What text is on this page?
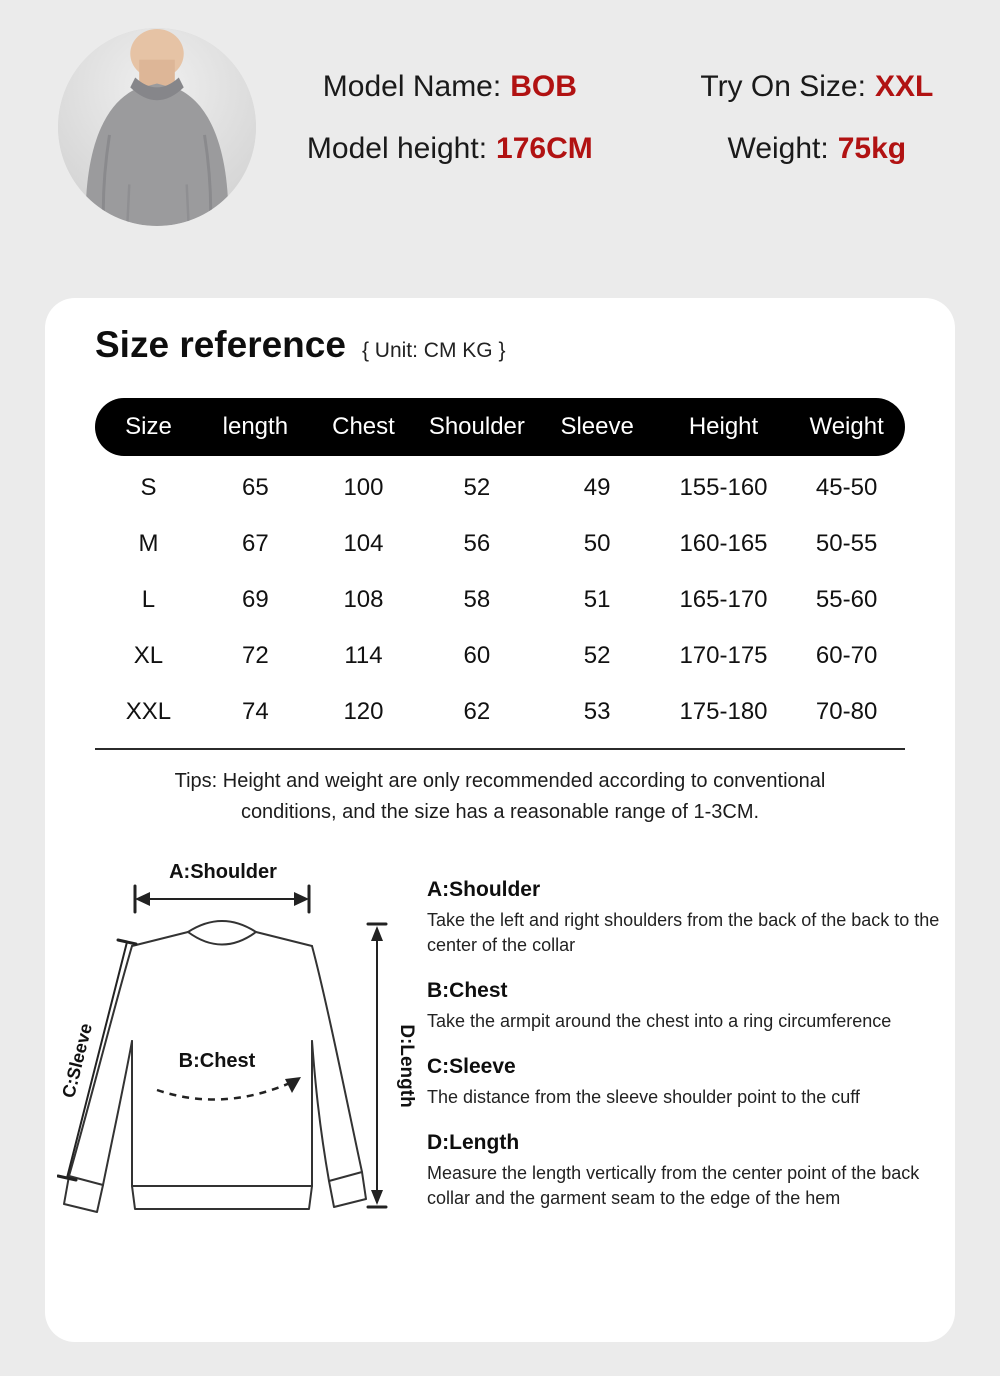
Model Name: BOB	Try On Size: XXL
Model height: 176CM	Weight: 75kg
Size reference { Unit: CM KG }
Size	length	Chest	Shoulder	Sleeve	Height	Weight
S	65	100	52	49	155-160	45-50
M	67	104	56	50	160-165	50-55
L	69	108	58	51	165-170	55-60
XL	72	114	60	52	170-175	60-70
XXL	74	120	62	53	175-180	70-80
Tips: Height and weight are only recommended according to conventional
conditions, and the size has a reasonable range of 1-3CM.
A:Shoulder
B:Chest
C:Sleeve	D:Length
A:Shoulder

Take the left and right shoulders from the back of the back to the center of the collar

B:Chest

Take the armpit around the chest into a ring circumference

C:Sleeve

The distance from the sleeve shoulder point to the cuff

D:Length

Measure the length vertically from the center point of the back collar and the garment seam to the edge of the hem
